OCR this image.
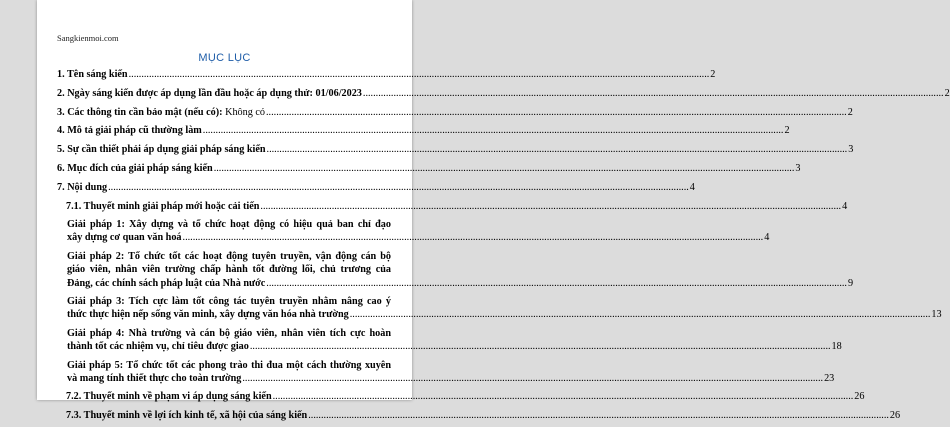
Sangkienmoi.com
MỤC LỤC
1. Tên sáng kiến .....	2
2. Ngày sáng kiến được áp dụng lần đầu hoặc áp dụng thử: 01/06/2023 .....	2
3. Các thông tin cần bảo mật (nếu có): Không có .....	2
4. Mô tả giải pháp cũ thường làm .....	2
5. Sự cần thiết phải áp dụng giải pháp sáng kiến .....	3
6. Mục đích của giải pháp sáng kiến .....	3
7. Nội dung .....	4
7.1. Thuyết minh giải pháp mới hoặc cải tiến .....	4
Giải pháp 1: Xây dựng và tổ chức hoạt động có hiệu quả ban chỉ đạo
xây dựng cơ quan văn hoá .....	4
Giải pháp 2: Tổ chức tốt các hoạt động tuyên truyền, vận động cán bộ
giáo viên, nhân viên trường chấp hành tốt đường lối, chủ trương của
Đảng, các chính sách pháp luật của Nhà nước .....	9
Giải pháp 3: Tích cực làm tốt công tác tuyên truyền nhằm nâng cao ý
thức thực hiện nếp sống văn minh, xây dựng văn hóa nhà trường .....	13
Giải pháp 4: Nhà trường và cán bộ giáo viên, nhân viên tích cực hoàn
thành tốt các nhiệm vụ, chỉ tiêu được giao .....	18
Giải pháp 5: Tổ chức tốt các phong trào thi đua một cách thường xuyên
và mang tính thiết thực cho toàn trường .....	23
7.2. Thuyết minh về phạm vi áp dụng sáng kiến .....	26
7.3. Thuyết minh về lợi ích kinh tế, xã hội của sáng kiến .....	26
